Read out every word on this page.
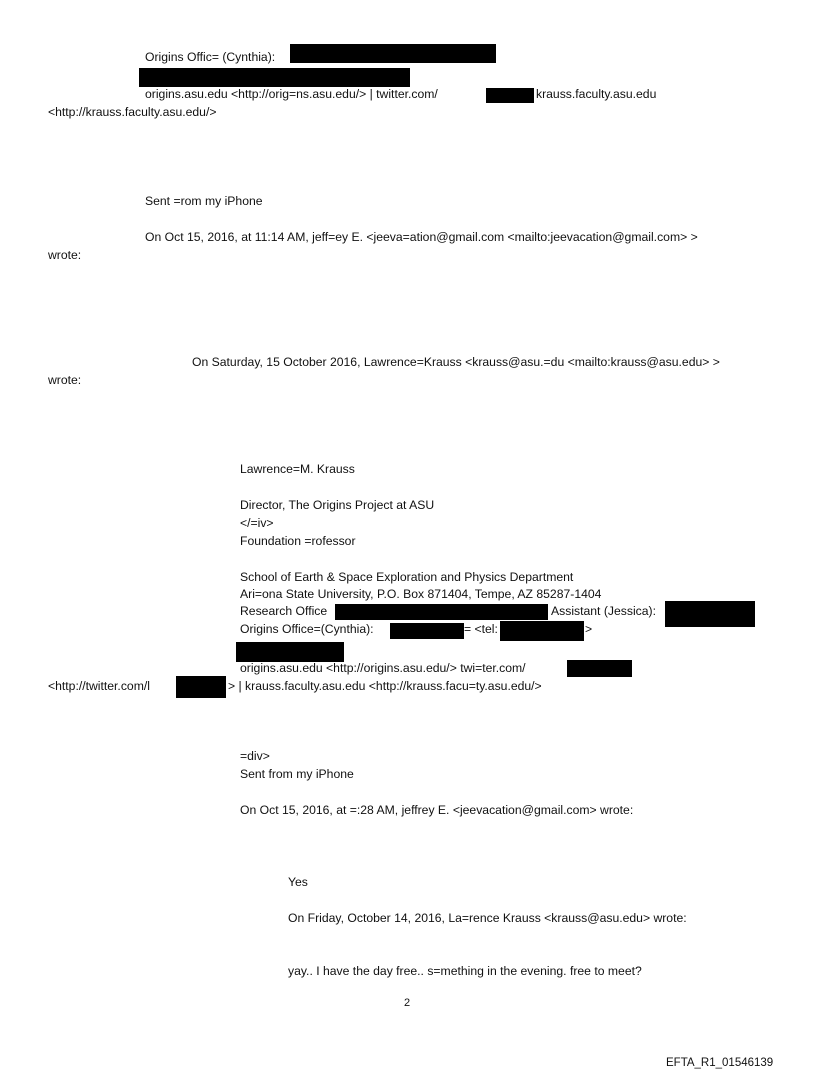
Origins Offic= (Cynthia):
origins.asu.edu <http://orig=ns.asu.edu/> | twitter.com/	krauss.faculty.asu.edu
<http://krauss.faculty.asu.edu/>
Sent =rom my iPhone
On Oct 15, 2016, at 11:14 AM, jeff=ey E. <jeeva=ation@gmail.com <mailto:jeevacation@gmail.com> >
wrote:
On Saturday, 15 October 2016, Lawrence=Krauss <krauss@asu.=du <mailto:krauss@asu.edu> >
wrote:
Lawrence=M. Krauss
Director, The Origins Project at ASU
</=iv>
Foundation =rofessor
School of Earth & Space Exploration and Physics Department
Ari=ona State University, P.O. Box 871404, Tempe, AZ 85287-1404
Research Office	Assistant (Jessica):
Origins Office=(Cynthia):	= <tel:	>
origins.asu.edu <http://origins.asu.edu/> twi=ter.com/
<http://twitter.com/l	> | krauss.faculty.asu.edu <http://krauss.facu=ty.asu.edu/>
=div>
Sent from my iPhone
On Oct 15, 2016, at =:28 AM, jeffrey E. <jeevacation@gmail.com> wrote:
Yes
On Friday, October 14, 2016, La=rence Krauss <krauss@asu.edu> wrote:
yay.. I have the day free.. s=mething in the evening. free to meet?
2
EFTA_R1_01546139
